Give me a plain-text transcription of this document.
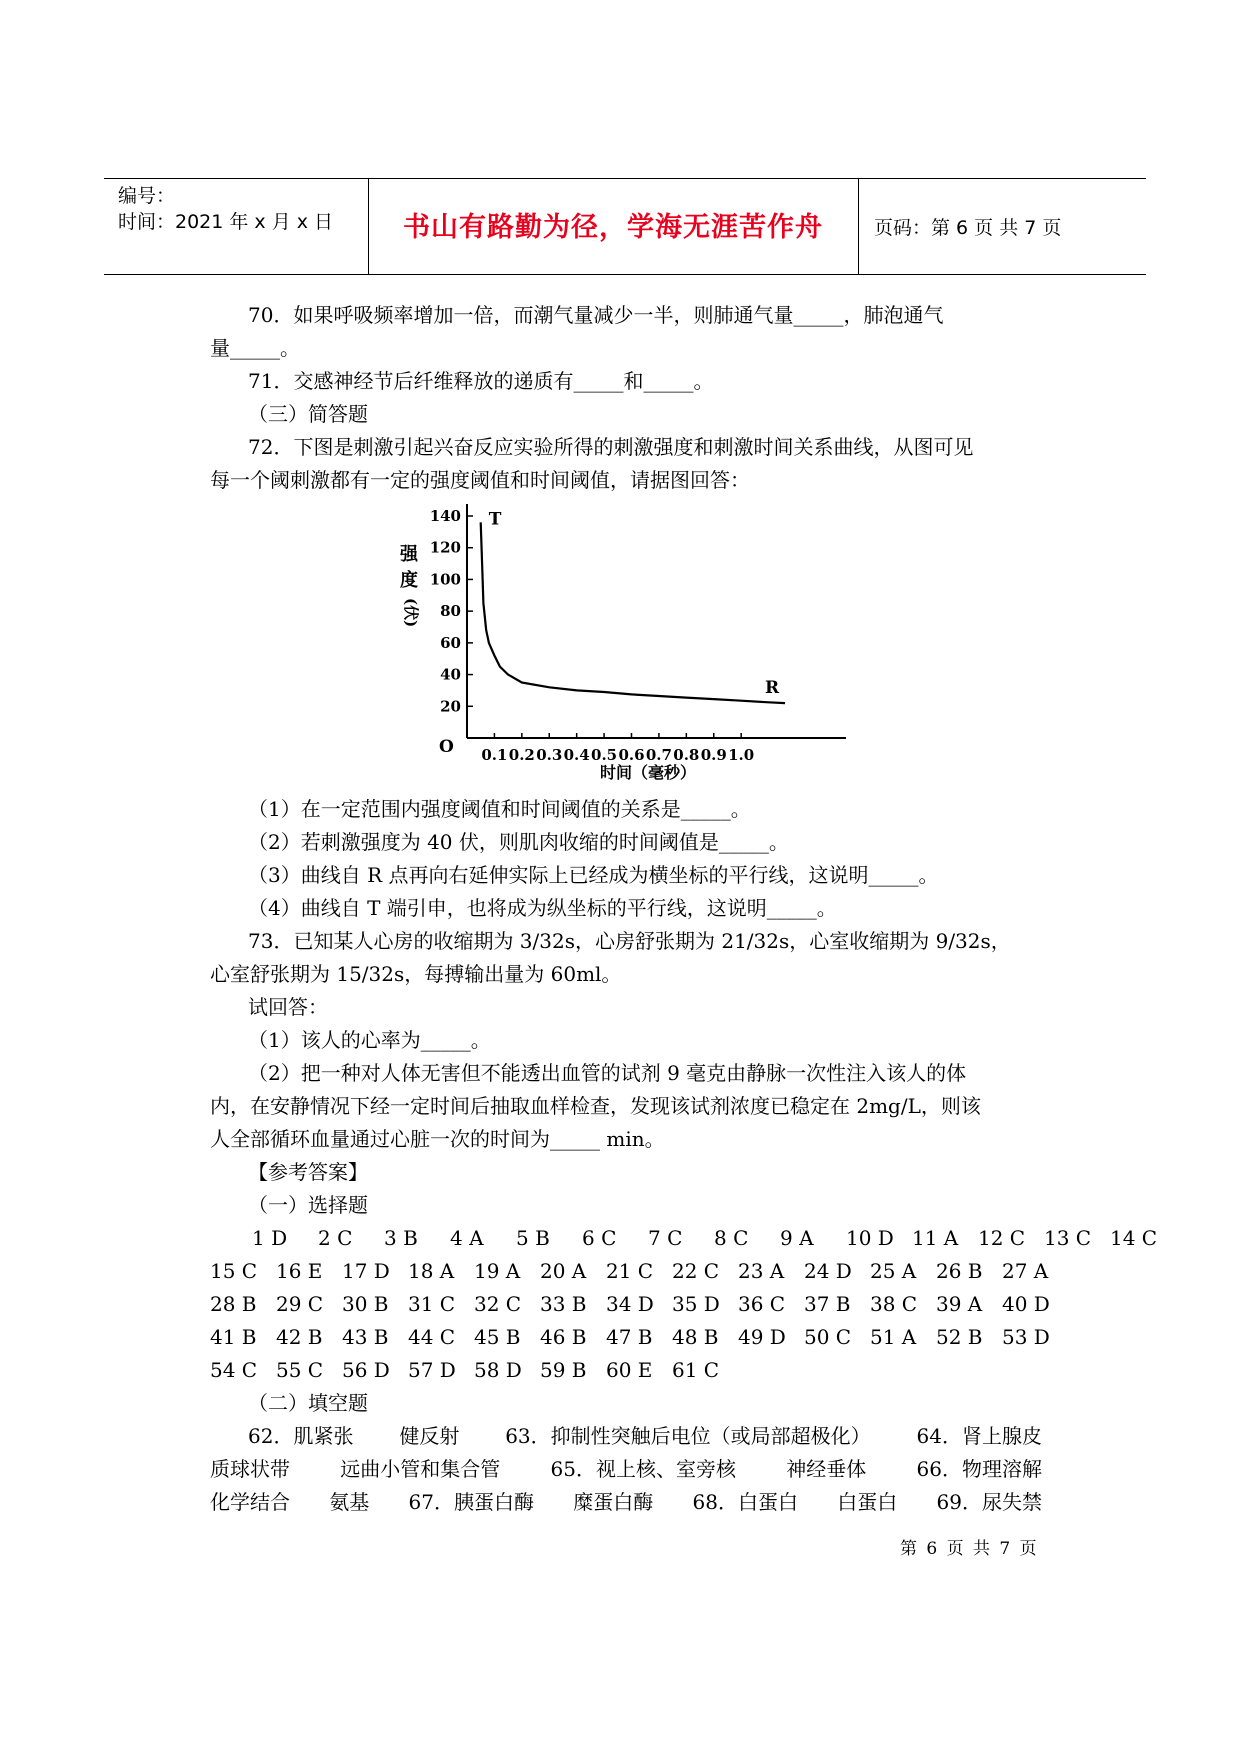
编号：
时间：2021 年 x 月 x 日	书山有路勤为径，学海无涯苦作舟	页码：第 6 页 共 7 页
70．如果呼吸频率增加一倍，而潮气量减少一半，则肺通气量_____，肺泡通气
量_____。
71．交感神经节后纤维释放的递质有_____和_____。
（三）简答题
72．下图是刺激引起兴奋反应实验所得的刺激强度和刺激时间关系曲线，从图可见
每一个阈刺激都有一定的强度阈值和时间阈值，请据图回答：
140
120
100
80
60
40
20
0.1 0.2 0.3 0.4 0.5 0.6 0.7 0.8 0.9 1.0
O
T
R
强
度
(伏)
时间（毫秒）
（1）在一定范围内强度阈值和时间阈值的关系是_____。
（2）若刺激强度为 40 伏，则肌肉收缩的时间阈值是_____。
（3）曲线自 R 点再向右延伸实际上已经成为横坐标的平行线，这说明_____。
（4）曲线自 T 端引申，也将成为纵坐标的平行线，这说明_____。
73．已知某人心房的收缩期为 3/32s，心房舒张期为 21/32s，心室收缩期为 9/32s，
心室舒张期为 15/32s，每搏输出量为 60ml。
试回答：
（1）该人的心率为_____。
（2）把一种对人体无害但不能透出血管的试剂 9 毫克由静脉一次性注入该人的体
内，在安静情况下经一定时间后抽取血样检查，发现该试剂浓度已稳定在 2mg/L，则该
人全部循环血量通过心脏一次的时间为_____ min。
【参考答案】
（一）选择题
1 D	2 C	3 B	4 A	5 B	6 C	7 C	8 C	9 A	10 D 11 A 12 C 13 C 14 C
15 C 16 E 17 D 18 A 19 A 20 A 21 C 22 C 23 A 24 D 25 A 26 B 27 A
28 B 29 C 30 B 31 C 32 C 33 B 34 D 35 D 36 C 37 B 38 C 39 A 40 D
41 B 42 B 43 B 44 C 45 B 46 B 47 B 48 B 49 D 50 C 51 A 52 B 53 D
54 C 55 C 56 D 57 D 58 D 59 B 60 E 61 C
（二）填空题
62．肌紧张 健反射 63．抑制性突触后电位（或局部超极化） 64．肾上腺皮
质球状带	远曲小管和集合管	65．视上核、室旁核	神经垂体	66．物理溶解
化学结合 氨基 67．胰蛋白酶 糜蛋白酶 68．白蛋白 白蛋白 69．尿失禁
第 6 页 共 7 页
